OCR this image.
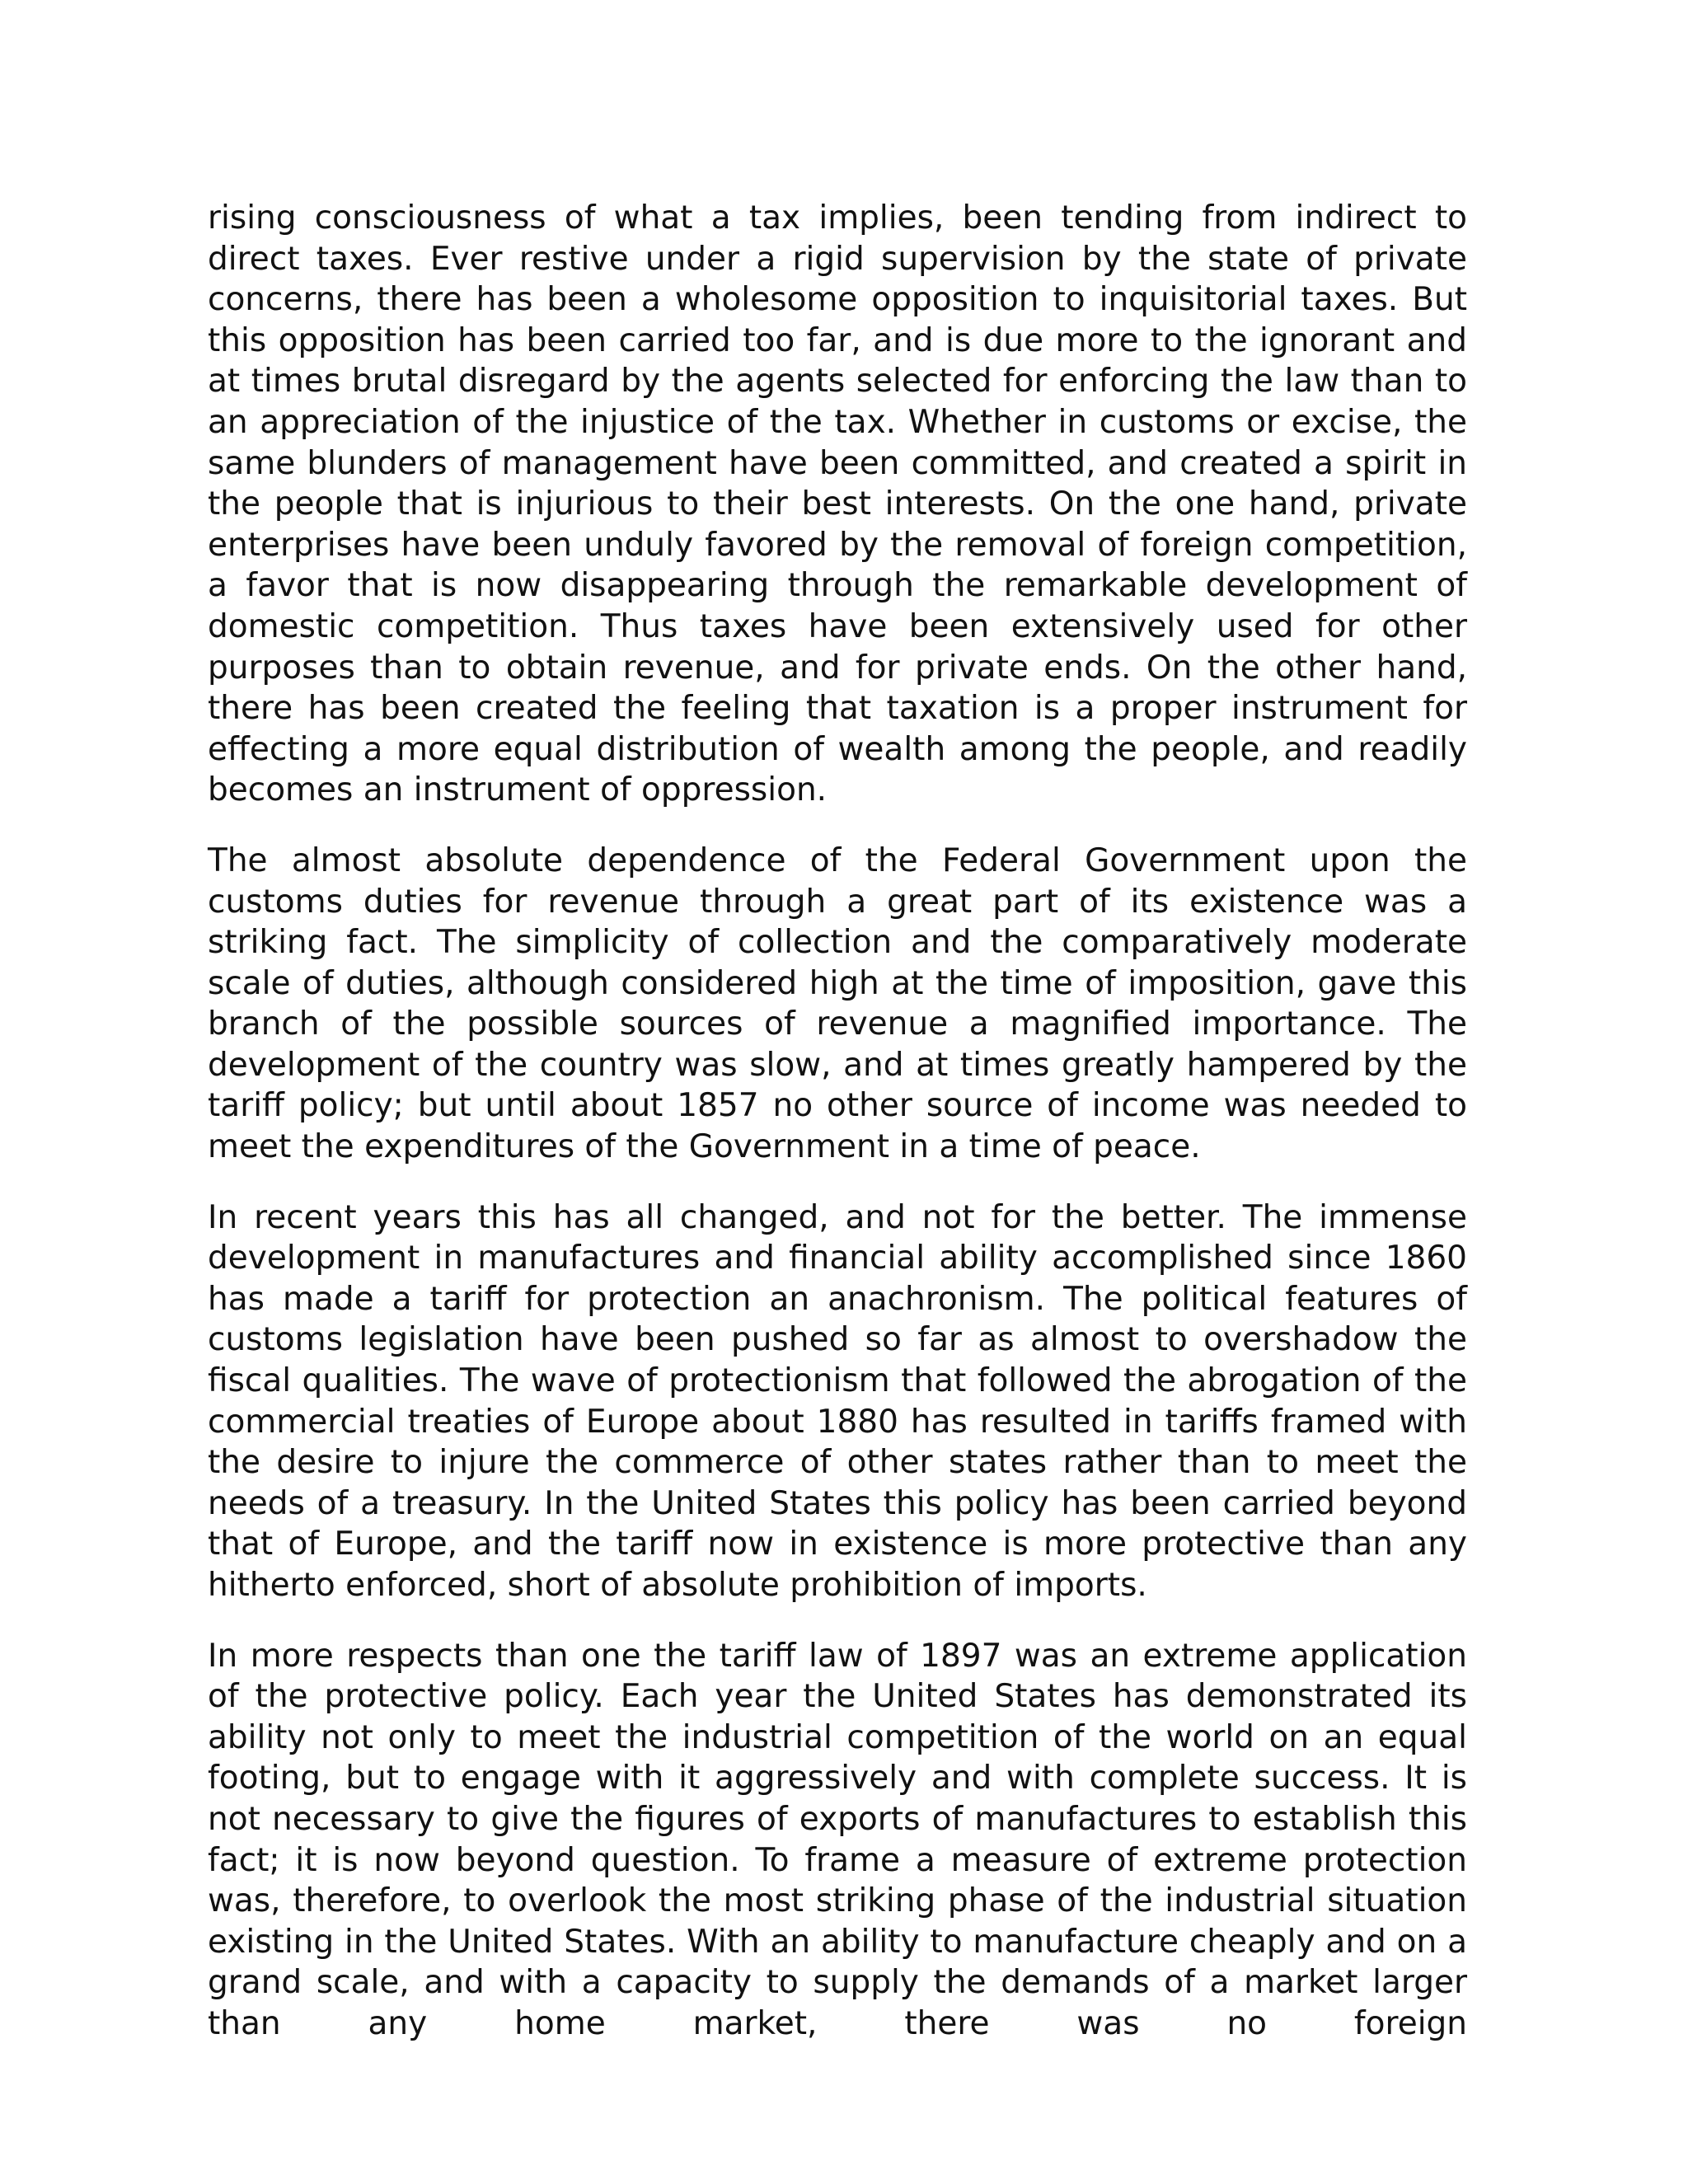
rising consciousness of what a tax implies, been tending from indirect to direct taxes. Ever restive under a rigid supervision by the state of private concerns, there has been a wholesome opposition to inquisitorial taxes. But this opposition has been carried too far, and is due more to the ignorant and at times brutal disregard by the agents selected for enforcing the law than to an appreciation of the injustice of the tax. Whether in customs or excise, the same blunders of management have been committed, and created a spirit in the people that is injurious to their best interests. On the one hand, private enterprises have been unduly favored by the removal of foreign competition, a favor that is now disappearing through the remarkable development of domestic competition. Thus taxes have been extensively used for other purposes than to obtain revenue, and for private ends. On the other hand, there has been created the feeling that taxation is a proper instrument for effecting a more equal distribution of wealth among the people, and readily becomes an instrument of oppression.

The almost absolute dependence of the Federal Government upon the customs duties for revenue through a great part of its existence was a striking fact. The simplicity of collection and the comparatively moderate scale of duties, although considered high at the time of imposition, gave this branch of the possible sources of revenue a magnified importance. The development of the country was slow, and at times greatly hampered by the tariff policy; but until about 1857 no other source of income was needed to meet the expenditures of the Government in a time of peace.

In recent years this has all changed, and not for the better. The immense development in manufactures and financial ability accomplished since 1860 has made a tariff for protection an anachronism. The political features of customs legislation have been pushed so far as almost to overshadow the fiscal qualities. The wave of protectionism that followed the abrogation of the commercial treaties of Europe about 1880 has resulted in tariffs framed with the desire to injure the commerce of other states rather than to meet the needs of a treasury. In the United States this policy has been carried beyond that of Europe, and the tariff now in existence is more protective than any hitherto enforced, short of absolute prohibition of imports.

In more respects than one the tariff law of 1897 was an extreme application of the protective policy. Each year the United States has demonstrated its ability not only to meet the industrial competition of the world on an equal footing, but to engage with it aggressively and with complete success. It is not necessary to give the figures of exports of manufactures to establish this fact; it is now beyond question. To frame a measure of extreme protection was, therefore, to overlook the most striking phase of the industrial situation existing in the United States. With an ability to manufacture cheaply and on a grand scale, and with a capacity to supply the demands of a market larger than any home market, there was no foreign
